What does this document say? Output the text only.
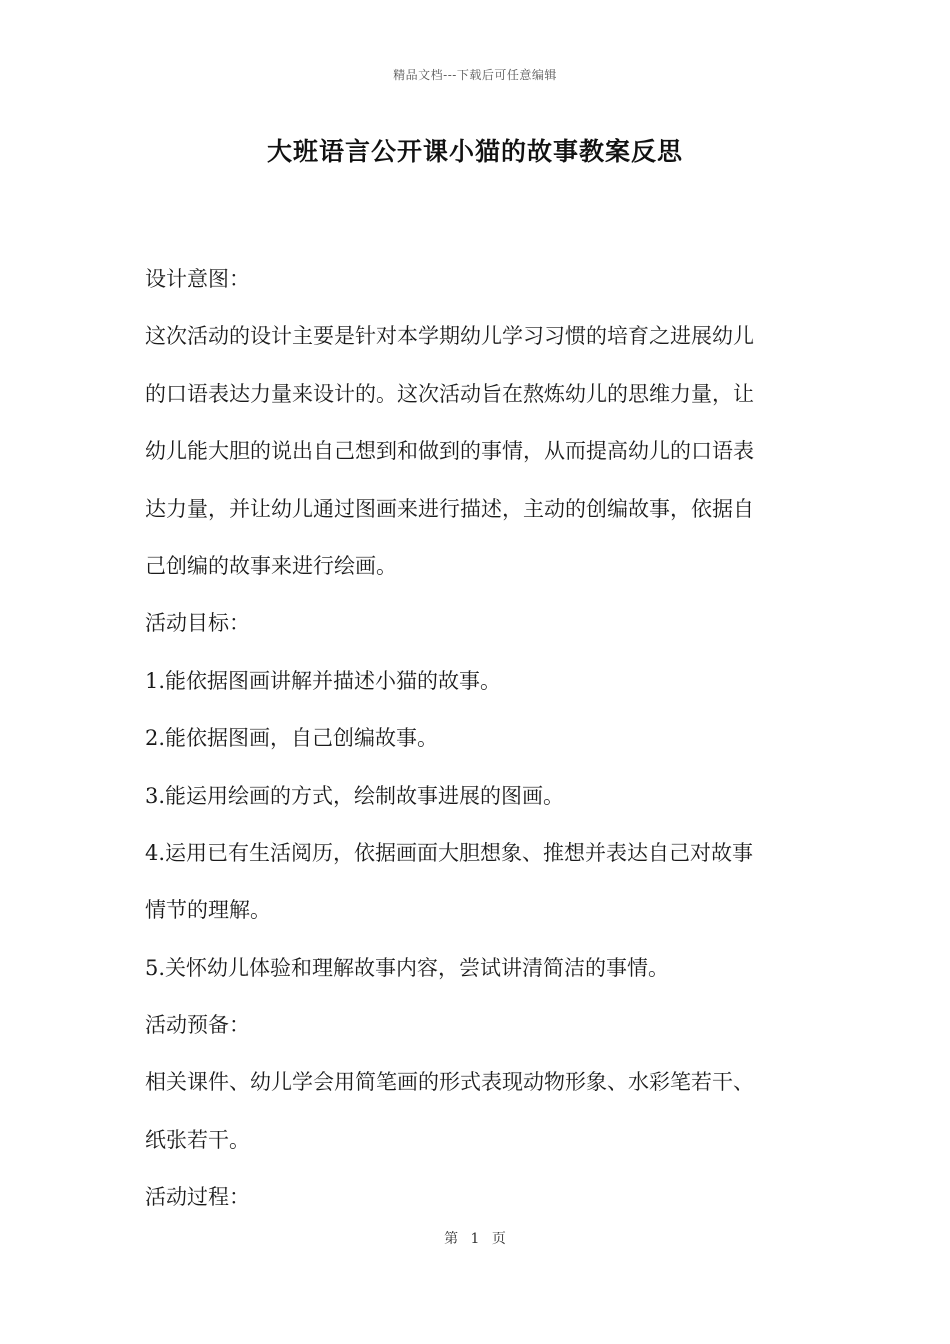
精品文档---下载后可任意编辑
大班语言公开课小猫的故事教案反思
设计意图：
这次活动的设计主要是针对本学期幼儿学习习惯的培育之进展幼儿
的口语表达力量来设计的。这次活动旨在熬炼幼儿的思维力量，让
幼儿能大胆的说出自己想到和做到的事情，从而提高幼儿的口语表
达力量，并让幼儿通过图画来进行描述，主动的创编故事，依据自
己创编的故事来进行绘画。
活动目标：
1.能依据图画讲解并描述小猫的故事。
2.能依据图画，自己创编故事。
3.能运用绘画的方式，绘制故事进展的图画。
4.运用已有生活阅历，依据画面大胆想象、推想并表达自己对故事
情节的理解。
5.关怀幼儿体验和理解故事内容，尝试讲清简洁的事情。
活动预备：
相关课件、幼儿学会用简笔画的形式表现动物形象、水彩笔若干、
纸张若干。
活动过程：
第 1 页
